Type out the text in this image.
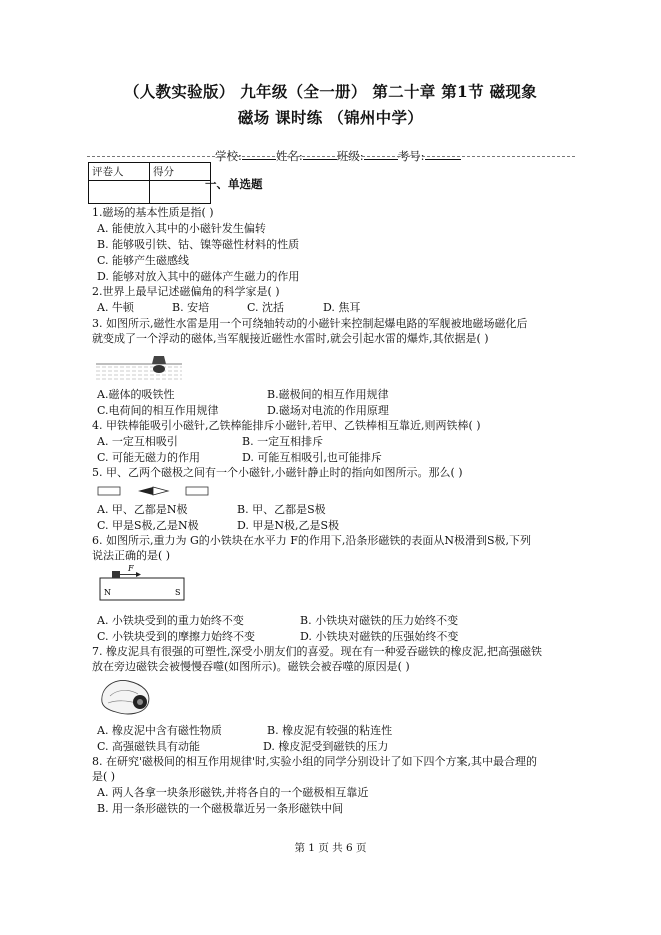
（人教实验版） 九年级（全一册） 第二十章 第1节 磁现象
磁场 课时练 （锦州中学）
学校:	姓名:	班级:	考号:
评卷人	得分

一、单选题
1.磁场的基本性质是指( )
A. 能使放入其中的小磁针发生偏转
B. 能够吸引铁、钴、镍等磁性材料的性质
C. 能够产生磁感线
D. 能够对放入其中的磁体产生磁力的作用
2.世界上最早记述磁偏角的科学家是( )
A. 牛顿	B. 安培	C. 沈括	D. 焦耳
3. 如图所示,磁性水雷是用一个可绕轴转动的小磁针来控制起爆电路的军舰被地磁场磁化后
就变成了一个浮动的磁体,当军舰接近磁性水雷时,就会引起水雷的爆炸,其依据是( )
A.磁体的吸铁性	B.磁极间的相互作用规律
C.电荷间的相互作用规律	D.磁场对电流的作用原理
4. 甲铁棒能吸引小磁针,乙铁棒能排斥小磁针,若甲、乙铁棒相互靠近,则两铁棒( )
A. 一定互相吸引	B. 一定互相排斥
C. 可能无磁力的作用	D. 可能互相吸引,也可能排斥
5. 甲、乙两个磁极之间有一个小磁针,小磁针静止时的指向如图所示。那么( )
A. 甲、乙都是N极	B. 甲、乙都是S极
C. 甲是S极,乙是N极	D. 甲是N极,乙是S极
6. 如图所示,重力为 G的小铁块在水平力 F的作用下,沿条形磁铁的表面从N极滑到S极,下列
说法正确的是( )
F
N	S
A. 小铁块受到的重力始终不变	B. 小铁块对磁铁的压力始终不变
C. 小铁块受到的摩擦力始终不变	D. 小铁块对磁铁的压强始终不变
7. 橡皮泥具有很强的可塑性,深受小朋友们的喜爱。现在有一种爱吞磁铁的橡皮泥,把高强磁铁
放在旁边磁铁会被慢慢吞噬(如图所示)。磁铁会被吞噬的原因是( )
A. 橡皮泥中含有磁性物质	B. 橡皮泥有较强的粘连性
C. 高强磁铁具有动能	D. 橡皮泥受到磁铁的压力
8. 在研究'磁极间的相互作用规律'时,实验小组的同学分别设计了如下四个方案,其中最合理的
是( )
A. 两人各拿一块条形磁铁,并将各自的一个磁极相互靠近
B. 用一条形磁铁的一个磁极靠近另一条形磁铁中间
第 1 页 共 6 页
